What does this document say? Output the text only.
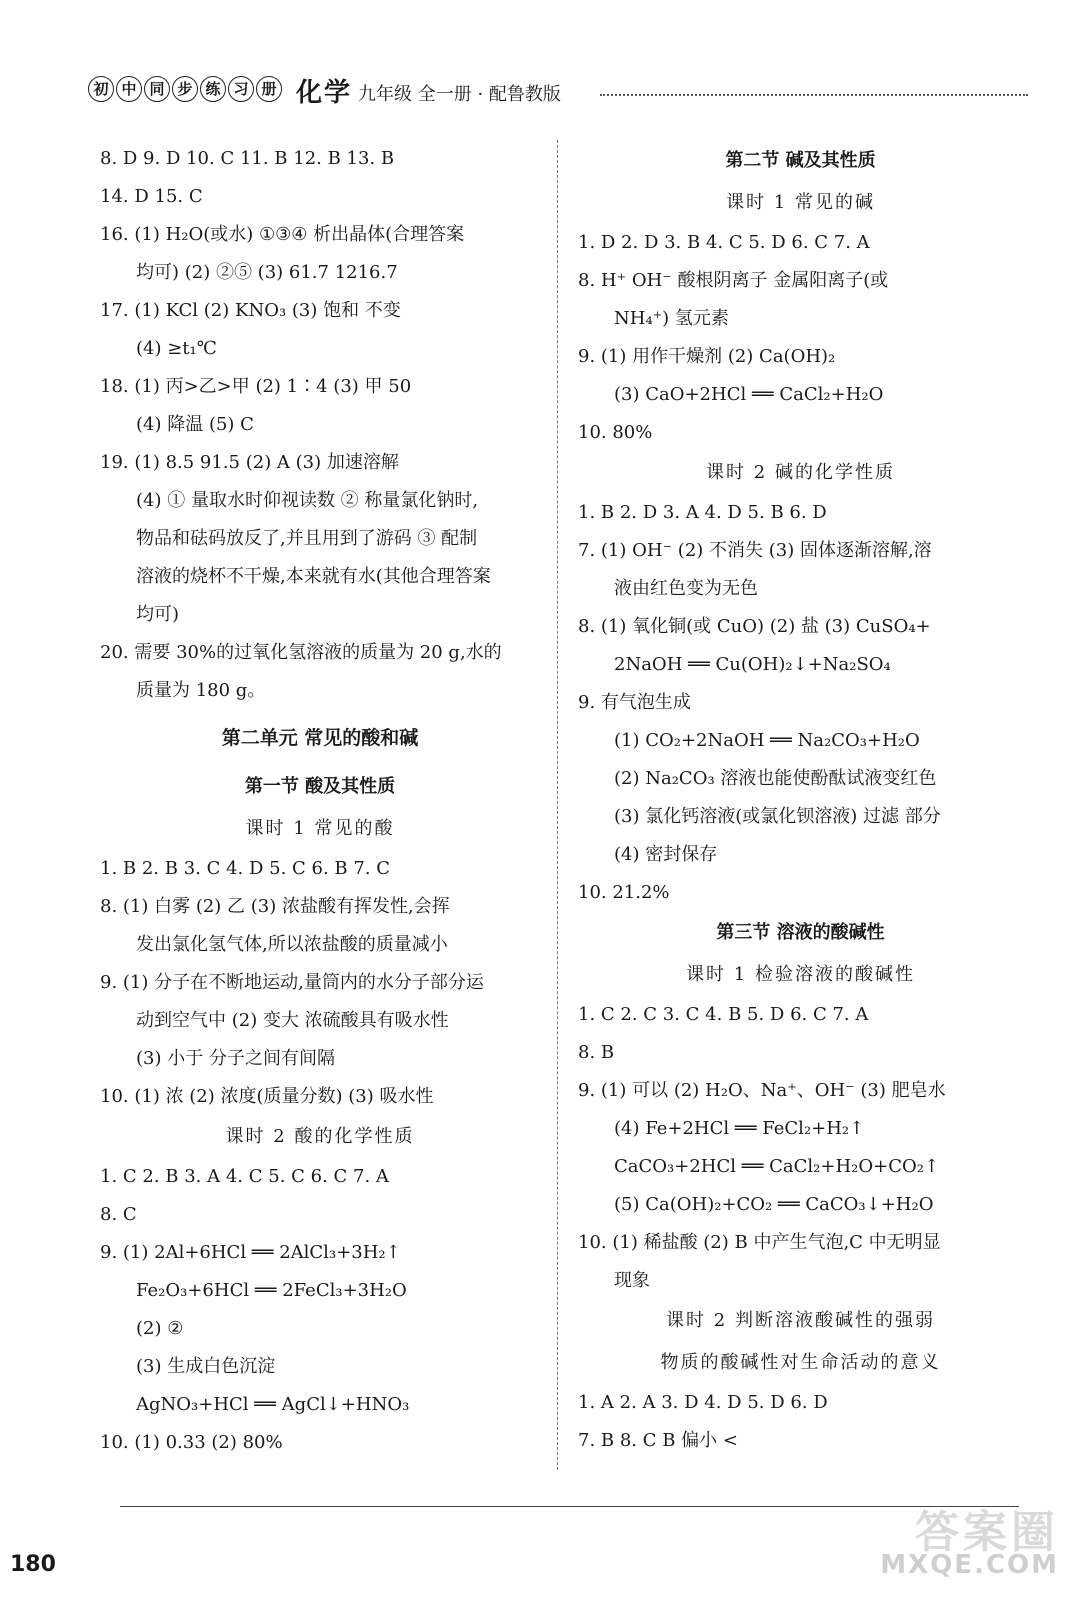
初 中 同 步 练 习 册 化学 九年级 全一册 · 配鲁教版
8. D 9. D 10. C 11. B 12. B 13. B
14. D 15. C
16. (1) H₂O(或水) ①③④ 析出晶体(合理答案
均可) (2) ②⑤ (3) 61.7 1216.7
17. (1) KCl (2) KNO₃ (3) 饱和 不变
(4) ≥t₁℃
18. (1) 丙>乙>甲 (2) 1∶4 (3) 甲 50
(4) 降温 (5) C
19. (1) 8.5 91.5 (2) A (3) 加速溶解
(4) ① 量取水时仰视读数 ② 称量氯化钠时,
物品和砝码放反了,并且用到了游码 ③ 配制
溶液的烧杯不干燥,本来就有水(其他合理答案
均可)
20. 需要 30%的过氧化氢溶液的质量为 20 g,水的
质量为 180 g。
第二单元 常见的酸和碱
第一节 酸及其性质
课时 1 常见的酸
1. B 2. B 3. C 4. D 5. C 6. B 7. C
8. (1) 白雾 (2) 乙 (3) 浓盐酸有挥发性,会挥
发出氯化氢气体,所以浓盐酸的质量减小
9. (1) 分子在不断地运动,量筒内的水分子部分运
动到空气中 (2) 变大 浓硫酸具有吸水性
(3) 小于 分子之间有间隔
10. (1) 浓 (2) 浓度(质量分数) (3) 吸水性
课时 2 酸的化学性质
1. C 2. B 3. A 4. C 5. C 6. C 7. A
8. C
9. (1) 2Al+6HCl ══ 2AlCl₃+3H₂↑
Fe₂O₃+6HCl ══ 2FeCl₃+3H₂O
(2) ②
(3) 生成白色沉淀
AgNO₃+HCl ══ AgCl↓+HNO₃
10. (1) 0.33 (2) 80%
第二节 碱及其性质
课时 1 常见的碱
1. D 2. D 3. B 4. C 5. D 6. C 7. A
8. H⁺ OH⁻ 酸根阴离子 金属阳离子(或
NH₄⁺) 氢元素
9. (1) 用作干燥剂 (2) Ca(OH)₂
(3) CaO+2HCl ══ CaCl₂+H₂O
10. 80%
课时 2 碱的化学性质
1. B 2. D 3. A 4. D 5. B 6. D
7. (1) OH⁻ (2) 不消失 (3) 固体逐渐溶解,溶
液由红色变为无色
8. (1) 氧化铜(或 CuO) (2) 盐 (3) CuSO₄+
2NaOH ══ Cu(OH)₂↓+Na₂SO₄
9. 有气泡生成
(1) CO₂+2NaOH ══ Na₂CO₃+H₂O
(2) Na₂CO₃ 溶液也能使酚酞试液变红色
(3) 氯化钙溶液(或氯化钡溶液) 过滤 部分
(4) 密封保存
10. 21.2%
第三节 溶液的酸碱性
课时 1 检验溶液的酸碱性
1. C 2. C 3. C 4. B 5. D 6. C 7. A
8. B
9. (1) 可以 (2) H₂O、Na⁺、OH⁻ (3) 肥皂水
(4) Fe+2HCl ══ FeCl₂+H₂↑
CaCO₃+2HCl ══ CaCl₂+H₂O+CO₂↑
(5) Ca(OH)₂+CO₂ ══ CaCO₃↓+H₂O
10. (1) 稀盐酸 (2) B 中产生气泡,C 中无明显
现象
课时 2 判断溶液酸碱性的强弱
物质的酸碱性对生命活动的意义
1. A 2. A 3. D 4. D 5. D 6. D
7. B 8. C B 偏小 <
180
答案圈
MXQE.COM
